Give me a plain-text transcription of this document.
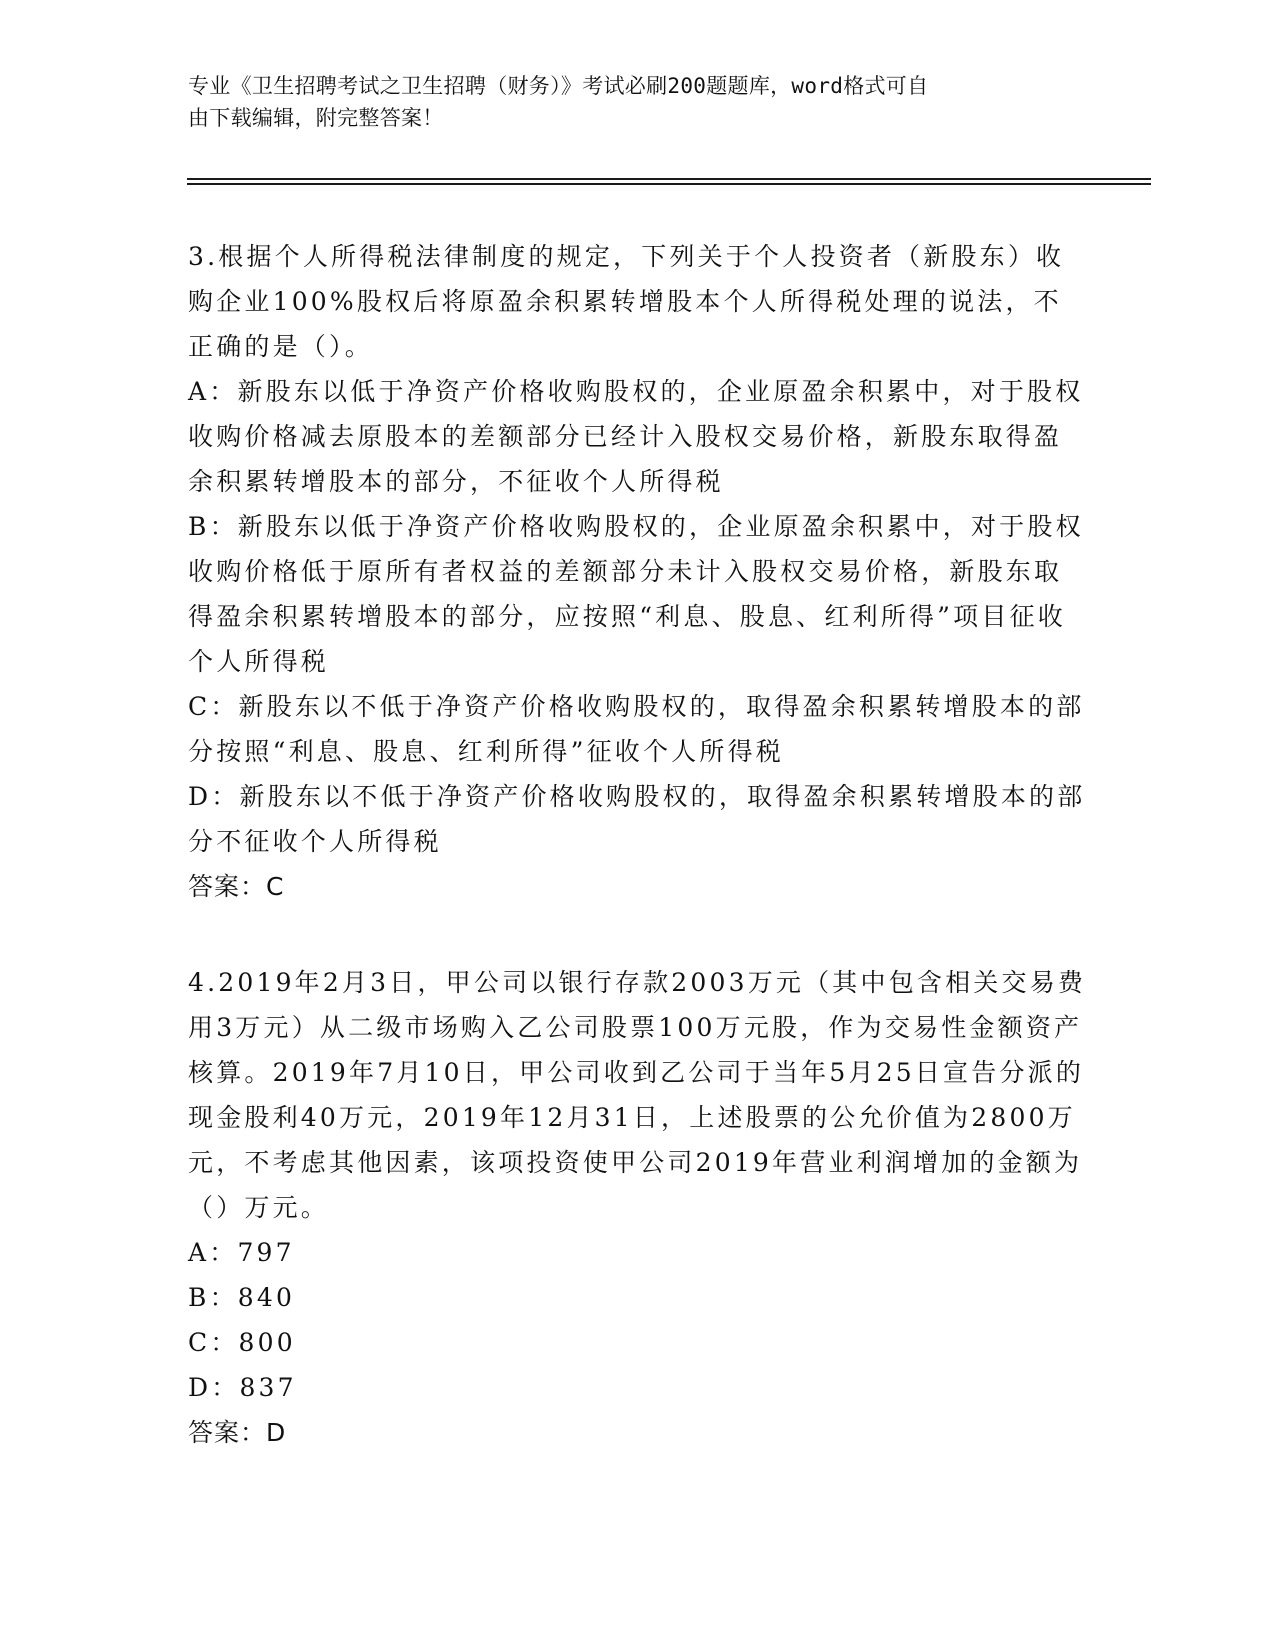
专业《卫生招聘考试之卫生招聘（财务）》考试必刷200题题库，word格式可自
由下载编辑，附完整答案！

3.根据个人所得税法律制度的规定，下列关于个人投资者（新股东）收购企业100%股权后将原盈余积累转增股本个人所得税处理的说法，不正确的是（）。

A：新股东以低于净资产价格收购股权的，企业原盈余积累中，对于股权收购价格减去原股本的差额部分已经计入股权交易价格，新股东取得盈余积累转增股本的部分，不征收个人所得税

B：新股东以低于净资产价格收购股权的，企业原盈余积累中，对于股权收购价格低于原所有者权益的差额部分未计入股权交易价格，新股东取得盈余积累转增股本的部分，应按照“利息、股息、红利所得”项目征收个人所得税

C：新股东以不低于净资产价格收购股权的，取得盈余积累转增股本的部分按照“利息、股息、红利所得”征收个人所得税

D：新股东以不低于净资产价格收购股权的，取得盈余积累转增股本的部分不征收个人所得税

答案：C

4.2019年2月3日，甲公司以银行存款2003万元（其中包含相关交易费用3万元）从二级市场购入乙公司股票100万元股，作为交易性金额资产核算。2019年7月10日，甲公司收到乙公司于当年5月25日宣告分派的现金股利40万元，2019年12月31日，上述股票的公允价值为2800万元，不考虑其他因素，该项投资使甲公司2019年营业利润增加的金额为（）万元。

A：797

B：840

C：800

D：837

答案：D
